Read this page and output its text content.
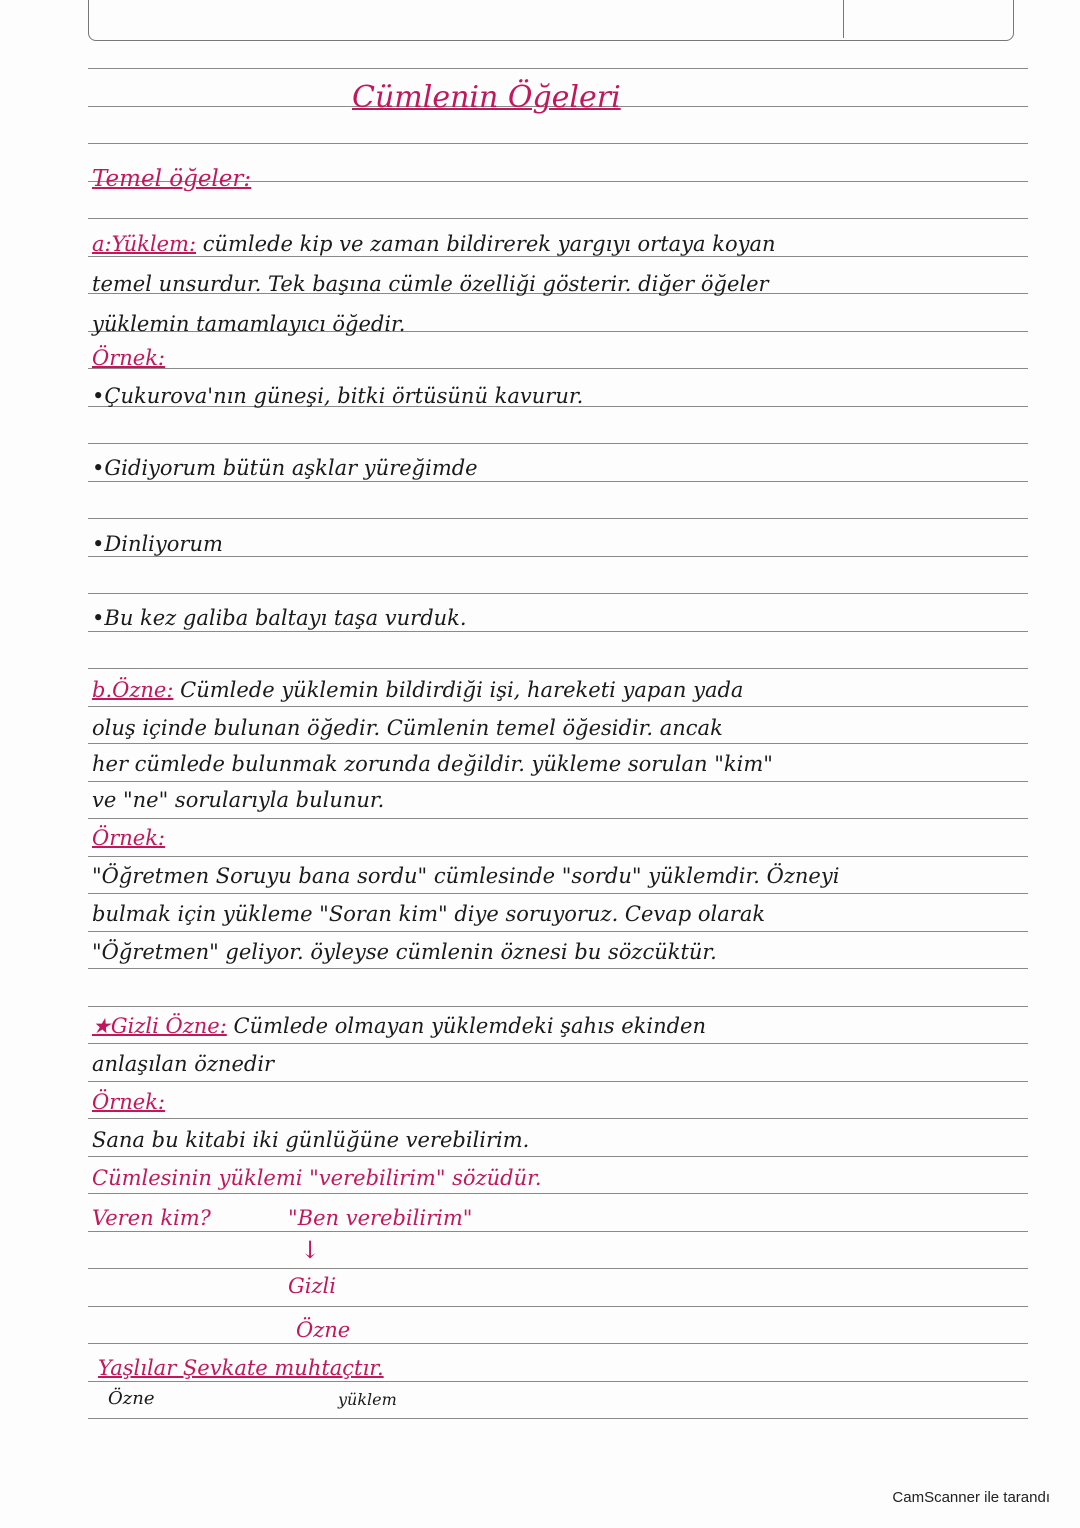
Cümlenin Öğeleri
Temel öğeler:
a:Yüklem: cümlede kip ve zaman bildirerek yargıyı ortaya koyan
temel unsurdur. Tek başına cümle özelliği gösterir. diğer öğeler
yüklemin tamamlayıcı öğedir.
Örnek:
•Çukurova'nın güneşi, bitki örtüsünü kavurur.
•Gidiyorum bütün aşklar yüreğimde
•Dinliyorum
•Bu kez galiba baltayı taşa vurduk.
b.Özne: Cümlede yüklemin bildirdiği işi, hareketi yapan yada
oluş içinde bulunan öğedir. Cümlenin temel öğesidir. ancak
her cümlede bulunmak zorunda değildir. yükleme sorulan "kim"
ve "ne" sorularıyla bulunur.
Örnek:
"Öğretmen Soruyu bana sordu" cümlesinde "sordu" yüklemdir. Özneyi
bulmak için yükleme "Soran kim" diye soruyoruz. Cevap olarak
"Öğretmen" geliyor. öyleyse cümlenin öznesi bu sözcüktür.
★Gizli Özne: Cümlede olmayan yüklemdeki şahıs ekinden
anlaşılan öznedir
Örnek:
Sana bu kitabi iki günlüğüne verebilirim.
Cümlesinin yüklemi "verebilirim" sözüdür.
Veren kim?	"Ben verebilirim"
↓
Gizli
Özne
Yaşlılar Şevkate muhtaçtır.
Özne	yüklem
CamScanner ile tarandı
